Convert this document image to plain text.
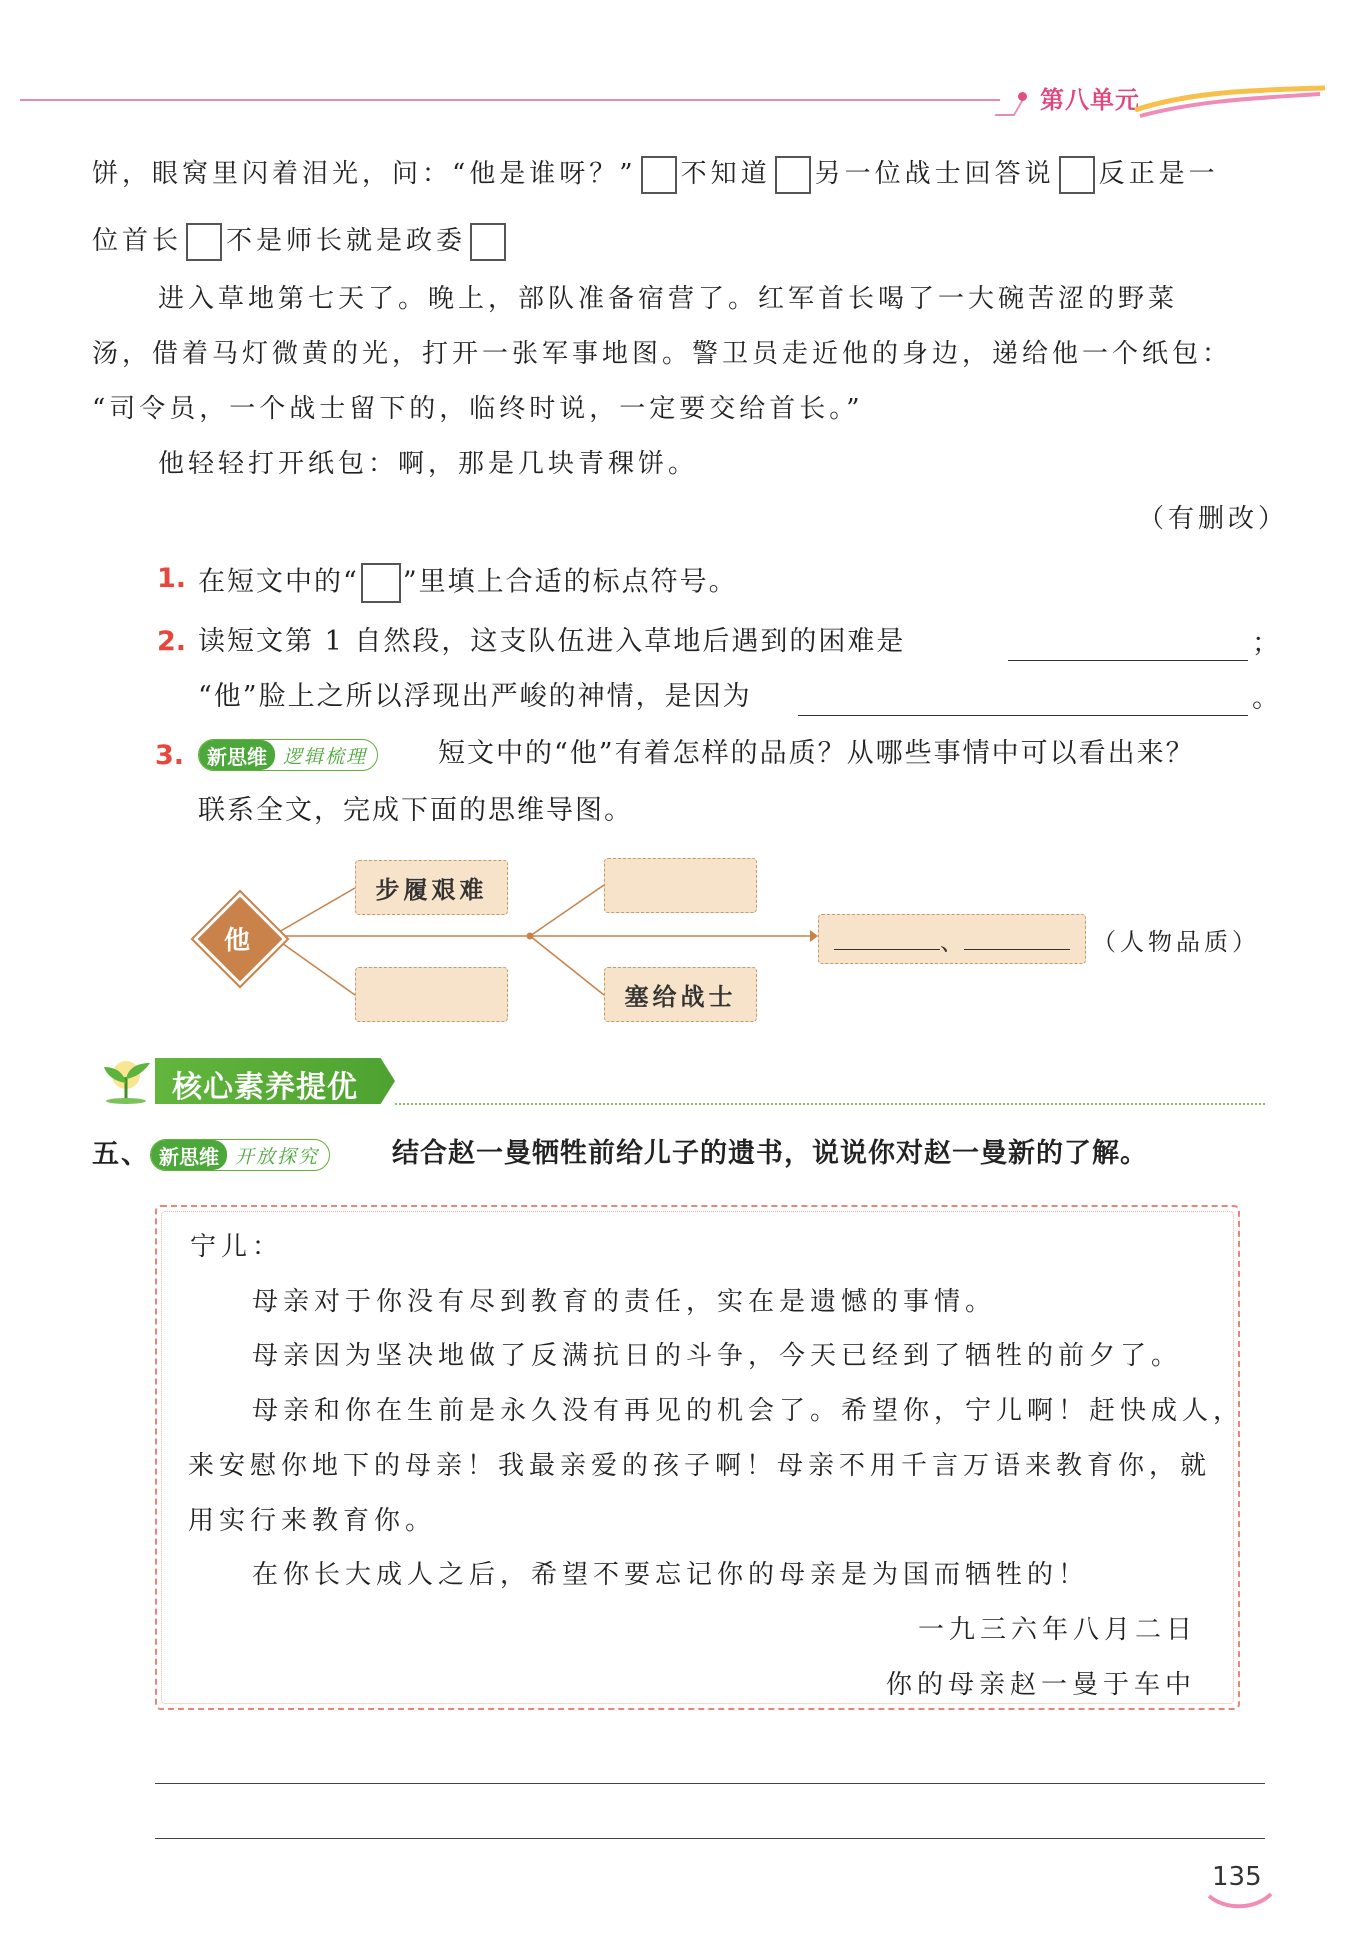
第八单元
饼，眼窝里闪着泪光，问：“他是谁呀？” 不知道 另一位战士回答说 反正是一
位首长 不是师长就是政委
进入草地第七天了。晚上，部队准备宿营了。红军首长喝了一大碗苦涩的野菜
汤，借着马灯微黄的光，打开一张军事地图。警卫员走近他的身边，递给他一个纸包：
“司令员，一个战士留下的，临终时说，一定要交给首长。”
他轻轻打开纸包：啊，那是几块青稞饼。
（有删改）
1. 在短文中的“ ”里填上合适的标点符号。
2. 读短文第 1 自然段，这支队伍进入草地后遇到的困难是	；
“他”脸上之所以浮现出严峻的神情，是因为	。
3.	新思维 逻辑梳理	短文中的“他”有着怎样的品质？从哪些事情中可以看出来？
联系全文，完成下面的思维导图。
他
步履艰难
塞给战士
、	（人物品质）
核心素养提优
五、 新思维 开放探究	结合赵一曼牺牲前给儿子的遗书，说说你对赵一曼新的了解。
宁儿：
母亲对于你没有尽到教育的责任，实在是遗憾的事情。
母亲因为坚决地做了反满抗日的斗争，今天已经到了牺牲的前夕了。
母亲和你在生前是永久没有再见的机会了。希望你，宁儿啊！赶快成人，
来安慰你地下的母亲！我最亲爱的孩子啊！母亲不用千言万语来教育你，就
用实行来教育你。
在你长大成人之后，希望不要忘记你的母亲是为国而牺牲的！
一九三六年八月二日
你的母亲赵一曼于车中
135
